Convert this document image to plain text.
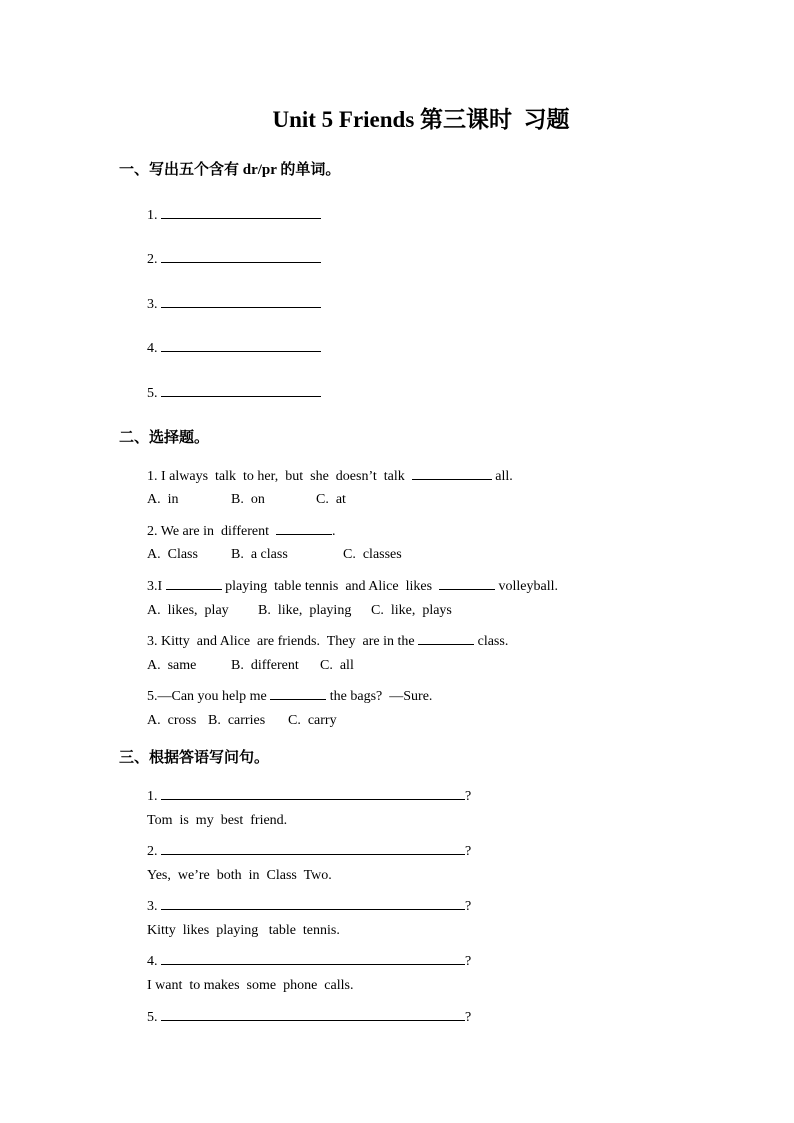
Unit 5 Friends 第三课时  习题
一、写出五个含有 dr/pr 的单词。
1.
2.
3.
4.
5.
二、选择题。
1. I always  talk  to her,  but  she  doesn’t  talk	all.
A.  in	B.  on	C.  at
2. We are in  different	.
A.  Class B.  a class	C.  classes
3.I	playing  table tennis  and Alice  likes	volleyball.
A.  likes,  play B.  like,  playing C.  like,  plays
3. Kitty  and Alice  are friends.  They  are in the	class.
A.  same B.  different C.  all
5.—Can you help me	the bags?  —Sure.
A.  cross B.  carries C.  carry
三、根据答语写问句。
1.	?
Tom  is  my  best  friend.
2.	?
Yes,  we’re  both  in  Class  Two.
3.	?
Kitty  likes  playing   table  tennis.
4.	?
I want  to makes  some  phone  calls.
5.	?
